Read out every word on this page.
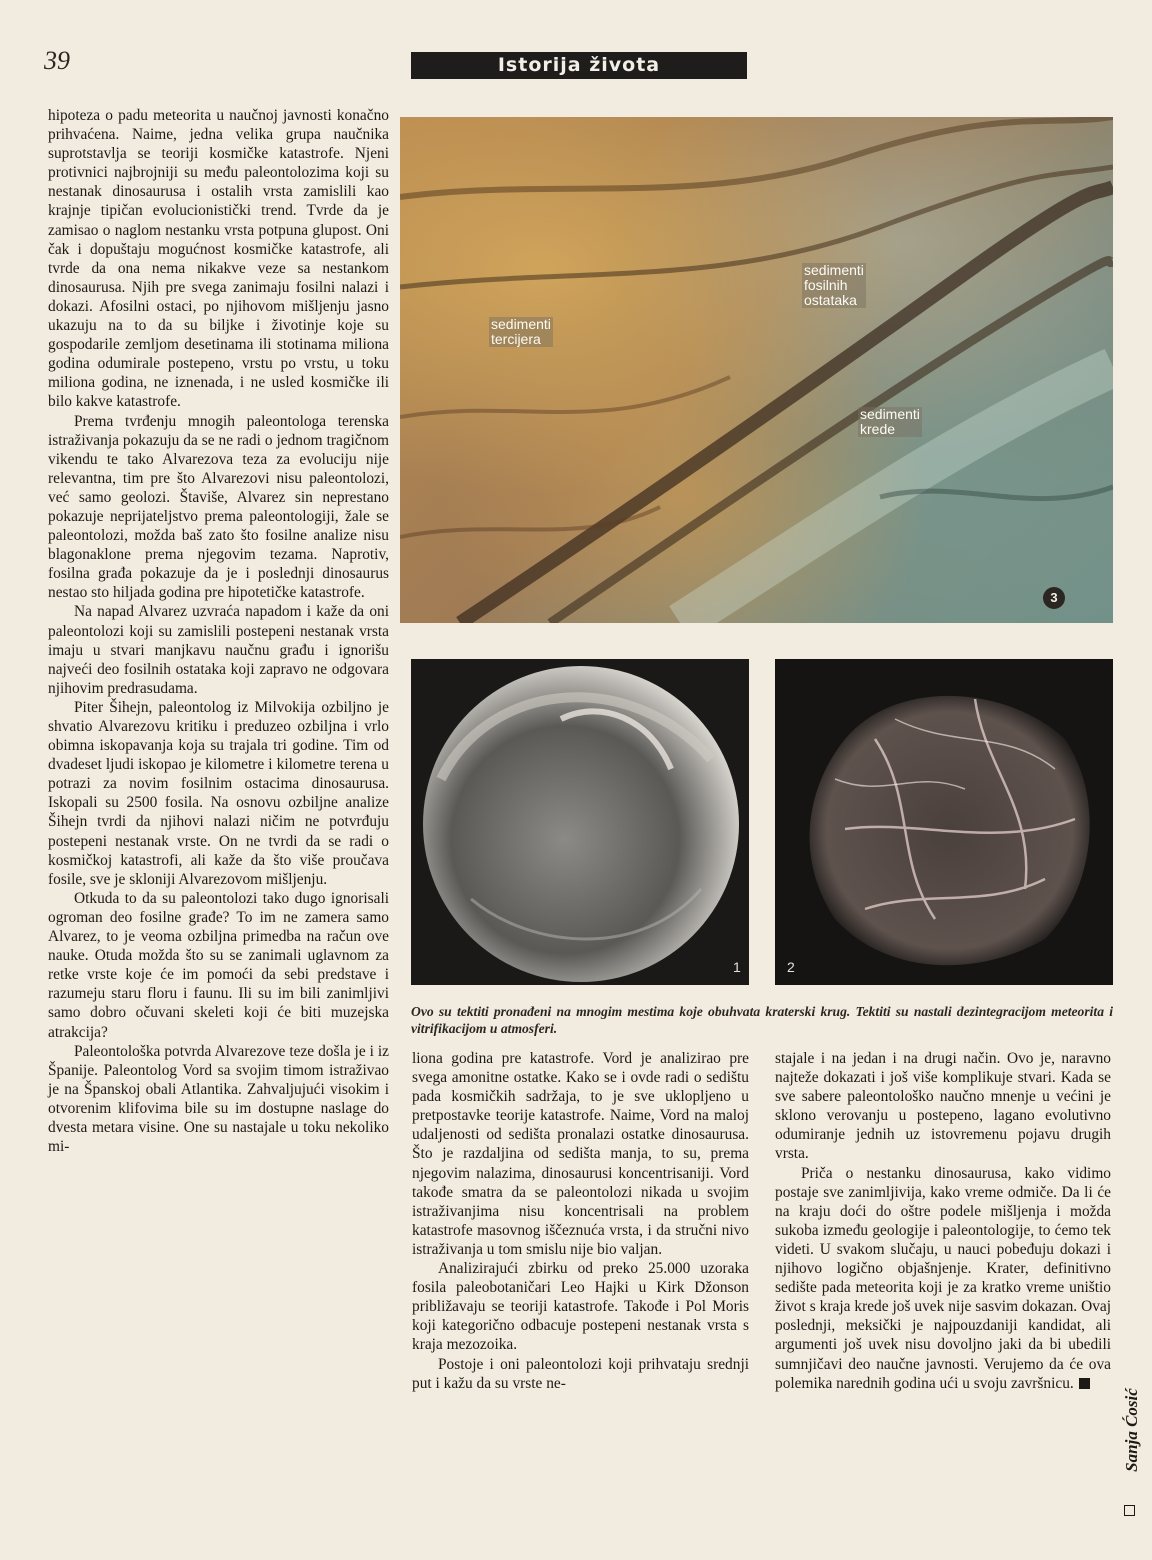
39	Istorija života

hipoteza o padu meteorita u naučnoj javnosti konačno prihvaćena. Naime, jedna velika grupa naučnika suprotstavlja se teoriji kosmičke katastrofe. Njeni protivnici najbrojniji su među paleontolozima koji su nestanak dinosaurusa i ostalih vrsta zamislili kao krajnje tipičan evolucionistički trend. Tvrde da je zamisao o naglom nestanku vrsta potpuna glupost. Oni čak i dopuštaju mogućnost kosmičke katastrofe, ali tvrde da ona nema nikakve veze sa nestankom dinosaurusa. Njih pre svega zanimaju fosilni nalazi i dokazi. Afosilni ostaci, po njihovom mišljenju jasno ukazuju na to da su biljke i životinje koje su gospodarile zemljom desetinama ili stotinama miliona godina odumirale postepeno, vrstu po vrstu, u toku miliona godina, ne iznenada, i ne usled kosmičke ili bilo kakve katastrofe.

Prema tvrđenju mnogih paleontologa terenska istraživanja pokazuju da se ne radi o jednom tragičnom vikendu te tako Alvarezova teza za evoluciju nije relevantna, tim pre što Alvarezovi nisu paleontolozi, već samo geolozi. Štaviše, Alvarez sin neprestano pokazuje neprijateljstvo prema paleontologiji, žale se paleontolozi, možda baš zato što fosilne analize nisu blagonaklone prema njegovim tezama. Naprotiv, fosilna građa pokazuje da je i poslednji dinosaurus nestao sto hiljada godina pre hipotetičke katastrofe.

Na napad Alvarez uzvraća napadom i kaže da oni paleontolozi koji su zamislili postepeni nestanak vrsta imaju u stvari manjkavu naučnu građu i ignorišu najveći deo fosilnih ostataka koji zapravo ne odgovara njihovim predrasudama.

Piter Šihejn, paleontolog iz Milvokija ozbiljno je shvatio Alvarezovu kritiku i preduzeo ozbiljna i vrlo obimna iskopavanja koja su trajala tri godine. Tim od dvadeset ljudi iskopao je kilometre i kilometre terena u potrazi za novim fosilnim ostacima dinosaurusa. Iskopali su 2500 fosila. Na osnovu ozbiljne analize Šihejn tvrdi da njihovi nalazi ničim ne potvrđuju postepeni nestanak vrste. On ne tvrdi da se radi o kosmičkoj katastrofi, ali kaže da što više proučava fosile, sve je skloniji Alvarezovom mišljenju.

Otkuda to da su paleontolozi tako dugo ignorisali ogroman deo fosilne građe? To im ne zamera samo Alvarez, to je veoma ozbiljna primedba na račun ove nauke. Otuda možda što su se zanimali uglavnom za retke vrste koje će im pomoći da sebi predstave i razumeju staru floru i faunu. Ili su im bili zanimljivi samo dobro očuvani skeleti koji će biti muzejska atrakcija?

Paleontološka potvrda Alvarezove teze došla je i iz Španije. Paleontolog Vord sa svojim timom istraživao je na Španskoj obali Atlantika. Zahvaljujući visokim i otvorenim klifovima bile su im dostupne naslage do dvesta metara visine. One su nastajale u toku nekoliko mi-

sedimenti
fosilnih
ostataka
sedimenti
tercijera
sedimenti
krede
3
1	2
Ovo su tektiti pronađeni na mnogim mestima koje obuhvata kraterski krug. Tektiti su nastali dezintegracijom meteorita i vitrifikacijom u atmosferi.

liona godina pre katastrofe. Vord je analizirao pre svega amonitne ostatke. Kako se i ovde radi o sedištu pada kosmičkih sadržaja, to je sve uklopljeno u pretpostavke teorije katastrofe. Naime, Vord na maloj udaljenosti od sedišta pronalazi ostatke dinosaurusa. Što je razdaljina od sedišta manja, to su, prema njegovim nalazima, dinosaurusi koncentrisaniji. Vord takođe smatra da se paleontolozi nikada u svojim istraživanjima nisu koncentrisali na problem katastrofe masovnog iščeznuća vrsta, i da stručni nivo istraživanja u tom smislu nije bio valjan.

Analizirajući zbirku od preko 25.000 uzoraka fosila paleobotaničari Leo Hajki u Kirk Džonson približavaju se teoriji katastrofe. Takođe i Pol Moris koji kategorično odbacuje postepeni nestanak vrsta s kraja mezozoika.

Postoje i oni paleontolozi koji prihvataju srednji put i kažu da su vrste ne-

stajale i na jedan i na drugi način. Ovo je, naravno najteže dokazati i još više komplikuje stvari. Kada se sve sabere paleontološko naučno mnenje u većini je sklono verovanju u postepeno, lagano evolutivno odumiranje jednih uz istovremenu pojavu drugih vrsta.

Priča o nestanku dinosaurusa, kako vidimo postaje sve zanimljivija, kako vreme odmiče. Da li će na kraju doći do oštre podele mišljenja i možda sukoba između geologije i paleontologije, to ćemo tek videti. U svakom slučaju, u nauci pobeđuju dokazi i njihovo logično objašnjenje. Krater, definitivno sedište pada meteorita koji je za kratko vreme uništio život s kraja krede još uvek nije sasvim dokazan. Ovaj poslednji, meksički je najpouzdaniji kandidat, ali argumenti još uvek nisu dovoljno jaki da bi ubedili sumnjičavi deo naučne javnosti. Verujemo da će ova polemika narednih godina ući u svoju završnicu.

Sanja Ćosić
